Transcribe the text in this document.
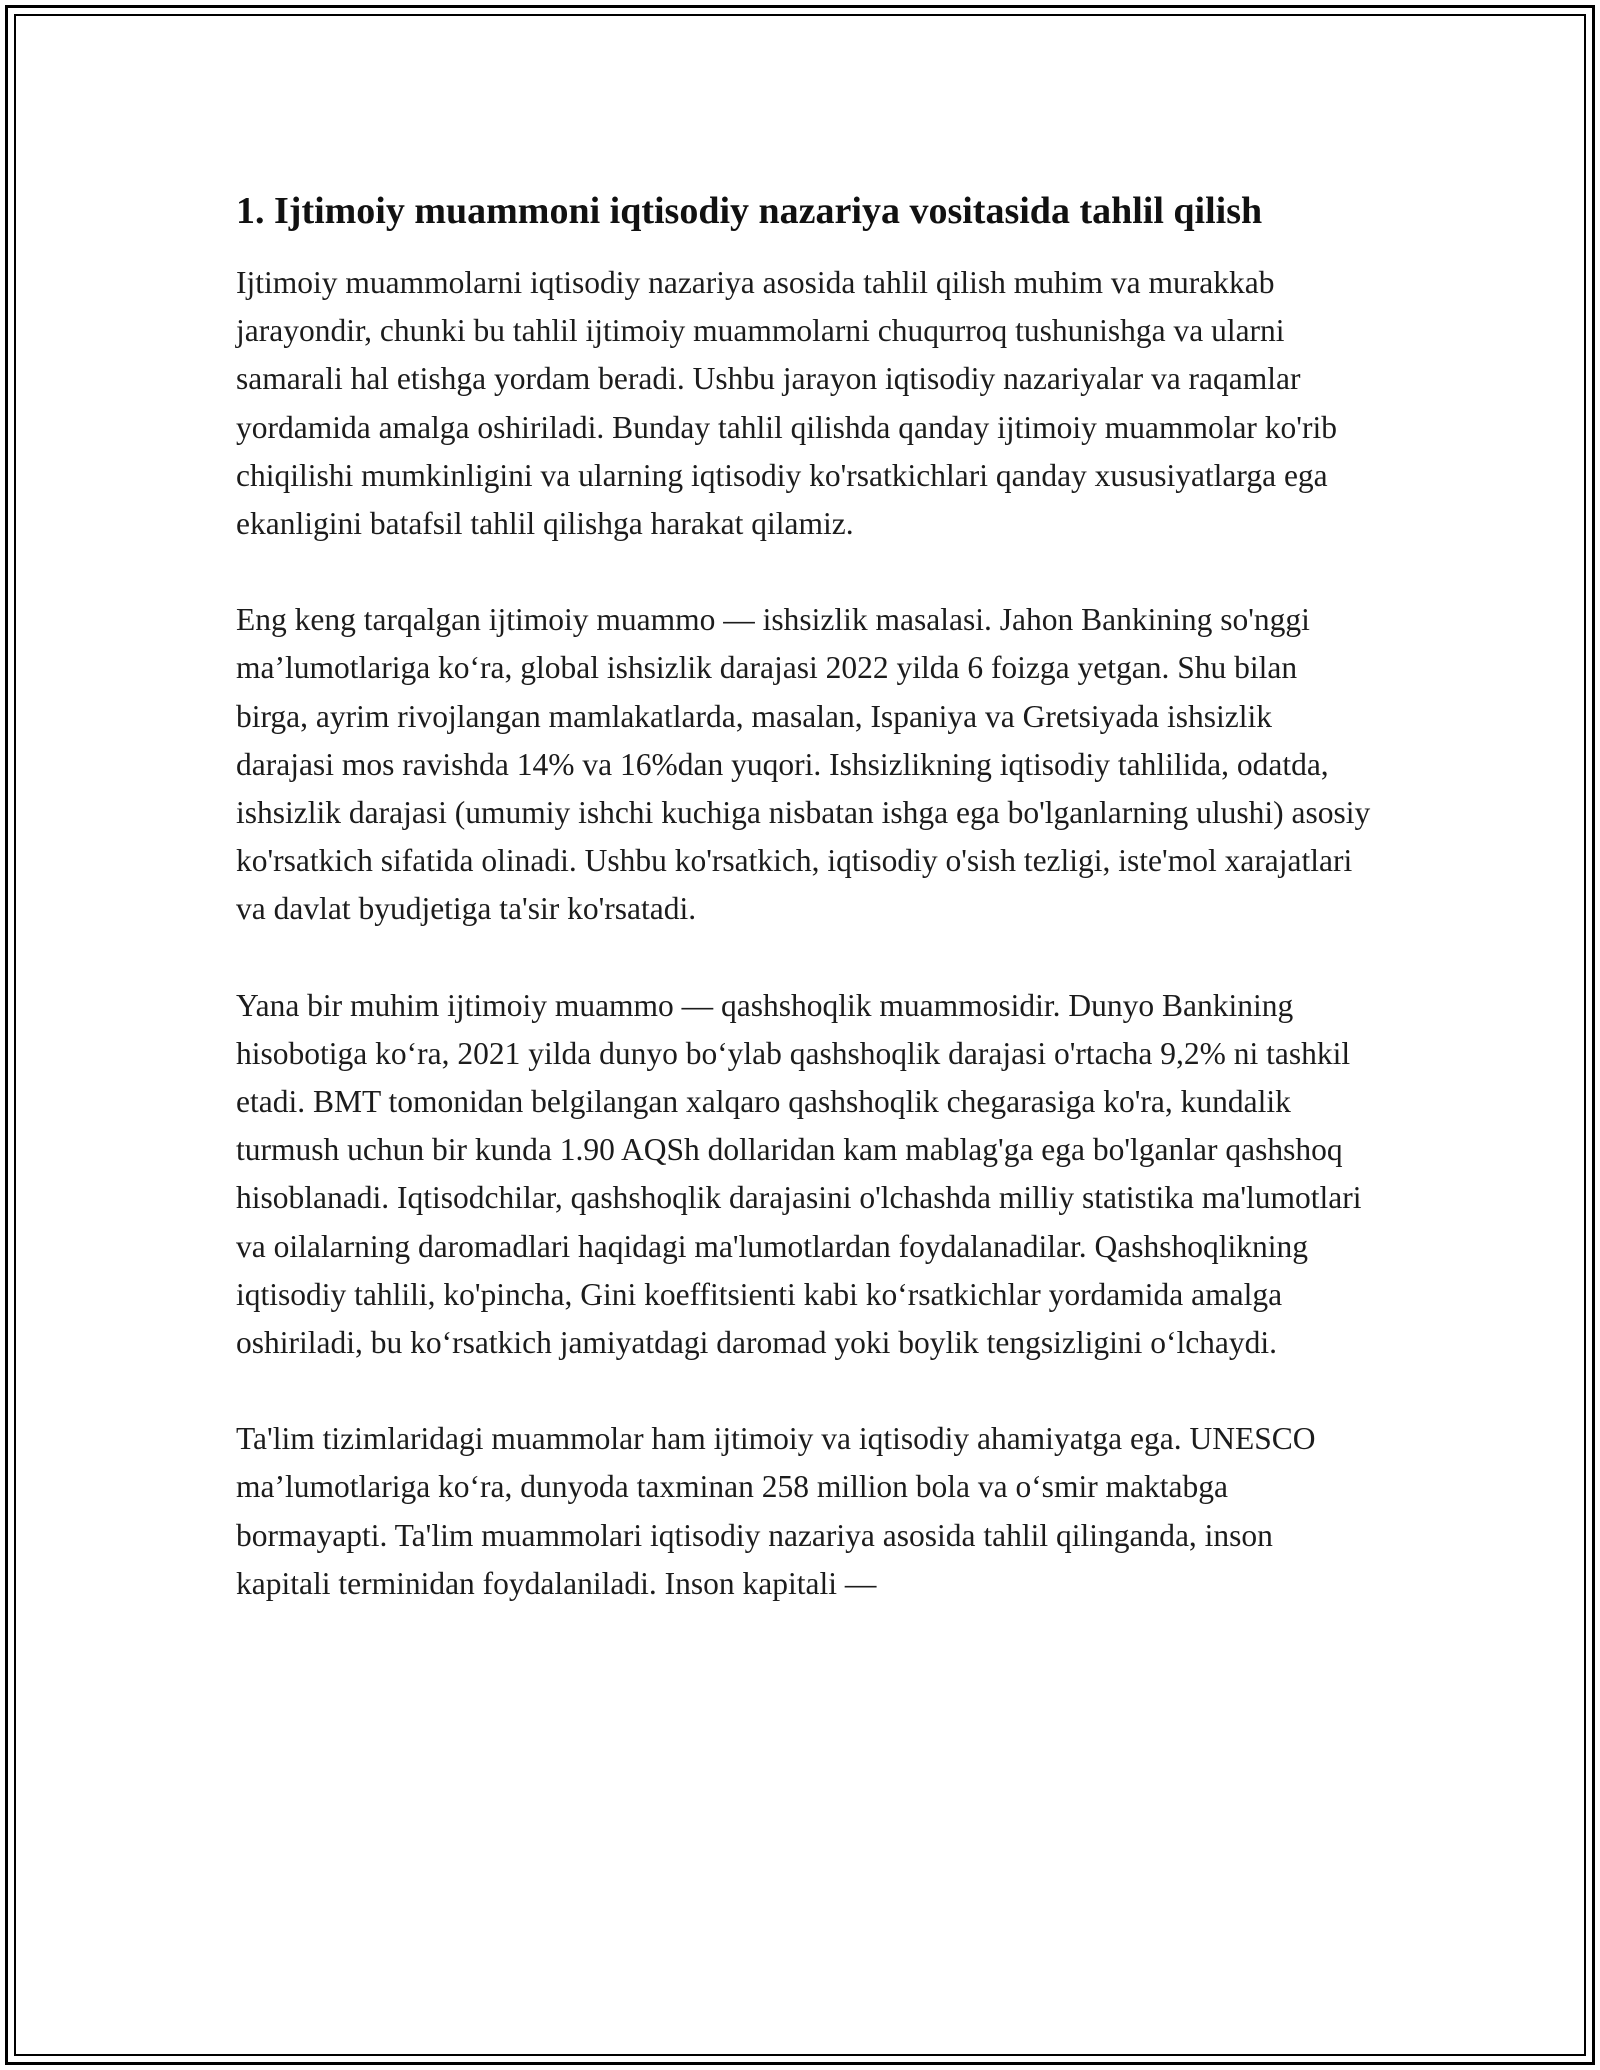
1. Ijtimoiy muammoni iqtisodiy nazariya vositasida tahlil qilish

Ijtimoiy muammolarni iqtisodiy nazariya asosida tahlil qilish muhim va murakkab jarayondir, chunki bu tahlil ijtimoiy muammolarni chuqurroq tushunishga va ularni samarali hal etishga yordam beradi. Ushbu jarayon iqtisodiy nazariyalar va raqamlar yordamida amalga oshiriladi. Bunday tahlil qilishda qanday ijtimoiy muammolar ko'rib chiqilishi mumkinligini va ularning iqtisodiy ko'rsatkichlari qanday xususiyatlarga ega ekanligini batafsil tahlil qilishga harakat qilamiz.

Eng keng tarqalgan ijtimoiy muammo — ishsizlik masalasi. Jahon Bankining so'nggi ma’lumotlariga ko‘ra, global ishsizlik darajasi 2022 yilda 6 foizga yetgan. Shu bilan birga, ayrim rivojlangan mamlakatlarda, masalan, Ispaniya va Gretsiyada ishsizlik darajasi mos ravishda 14% va 16%dan yuqori. Ishsizlikning iqtisodiy tahlilida, odatda, ishsizlik darajasi (umumiy ishchi kuchiga nisbatan ishga ega bo'lganlarning ulushi) asosiy ko'rsatkich sifatida olinadi. Ushbu ko'rsatkich, iqtisodiy o'sish tezligi, iste'mol xarajatlari va davlat byudjetiga ta'sir ko'rsatadi.

Yana bir muhim ijtimoiy muammo — qashshoqlik muammosidir. Dunyo Bankining hisobotiga ko‘ra, 2021 yilda dunyo bo‘ylab qashshoqlik darajasi o'rtacha 9,2% ni tashkil etadi. BMT tomonidan belgilangan xalqaro qashshoqlik chegarasiga ko'ra, kundalik turmush uchun bir kunda 1.90 AQSh dollaridan kam mablag'ga ega bo'lganlar qashshoq hisoblanadi. Iqtisodchilar, qashshoqlik darajasini o'lchashda milliy statistika ma'lumotlari va oilalarning daromadlari haqidagi ma'lumotlardan foydalanadilar. Qashshoqlikning iqtisodiy tahlili, ko'pincha, Gini koeffitsienti kabi ko‘rsatkichlar yordamida amalga oshiriladi, bu ko‘rsatkich jamiyatdagi daromad yoki boylik tengsizligini o‘lchaydi.

Ta'lim tizimlaridagi muammolar ham ijtimoiy va iqtisodiy ahamiyatga ega. UNESCO ma’lumotlariga ko‘ra, dunyoda taxminan 258 million bola va o‘smir maktabga bormayapti. Ta'lim muammolari iqtisodiy nazariya asosida tahlil qilinganda, inson kapitali terminidan foydalaniladi. Inson kapitali —
